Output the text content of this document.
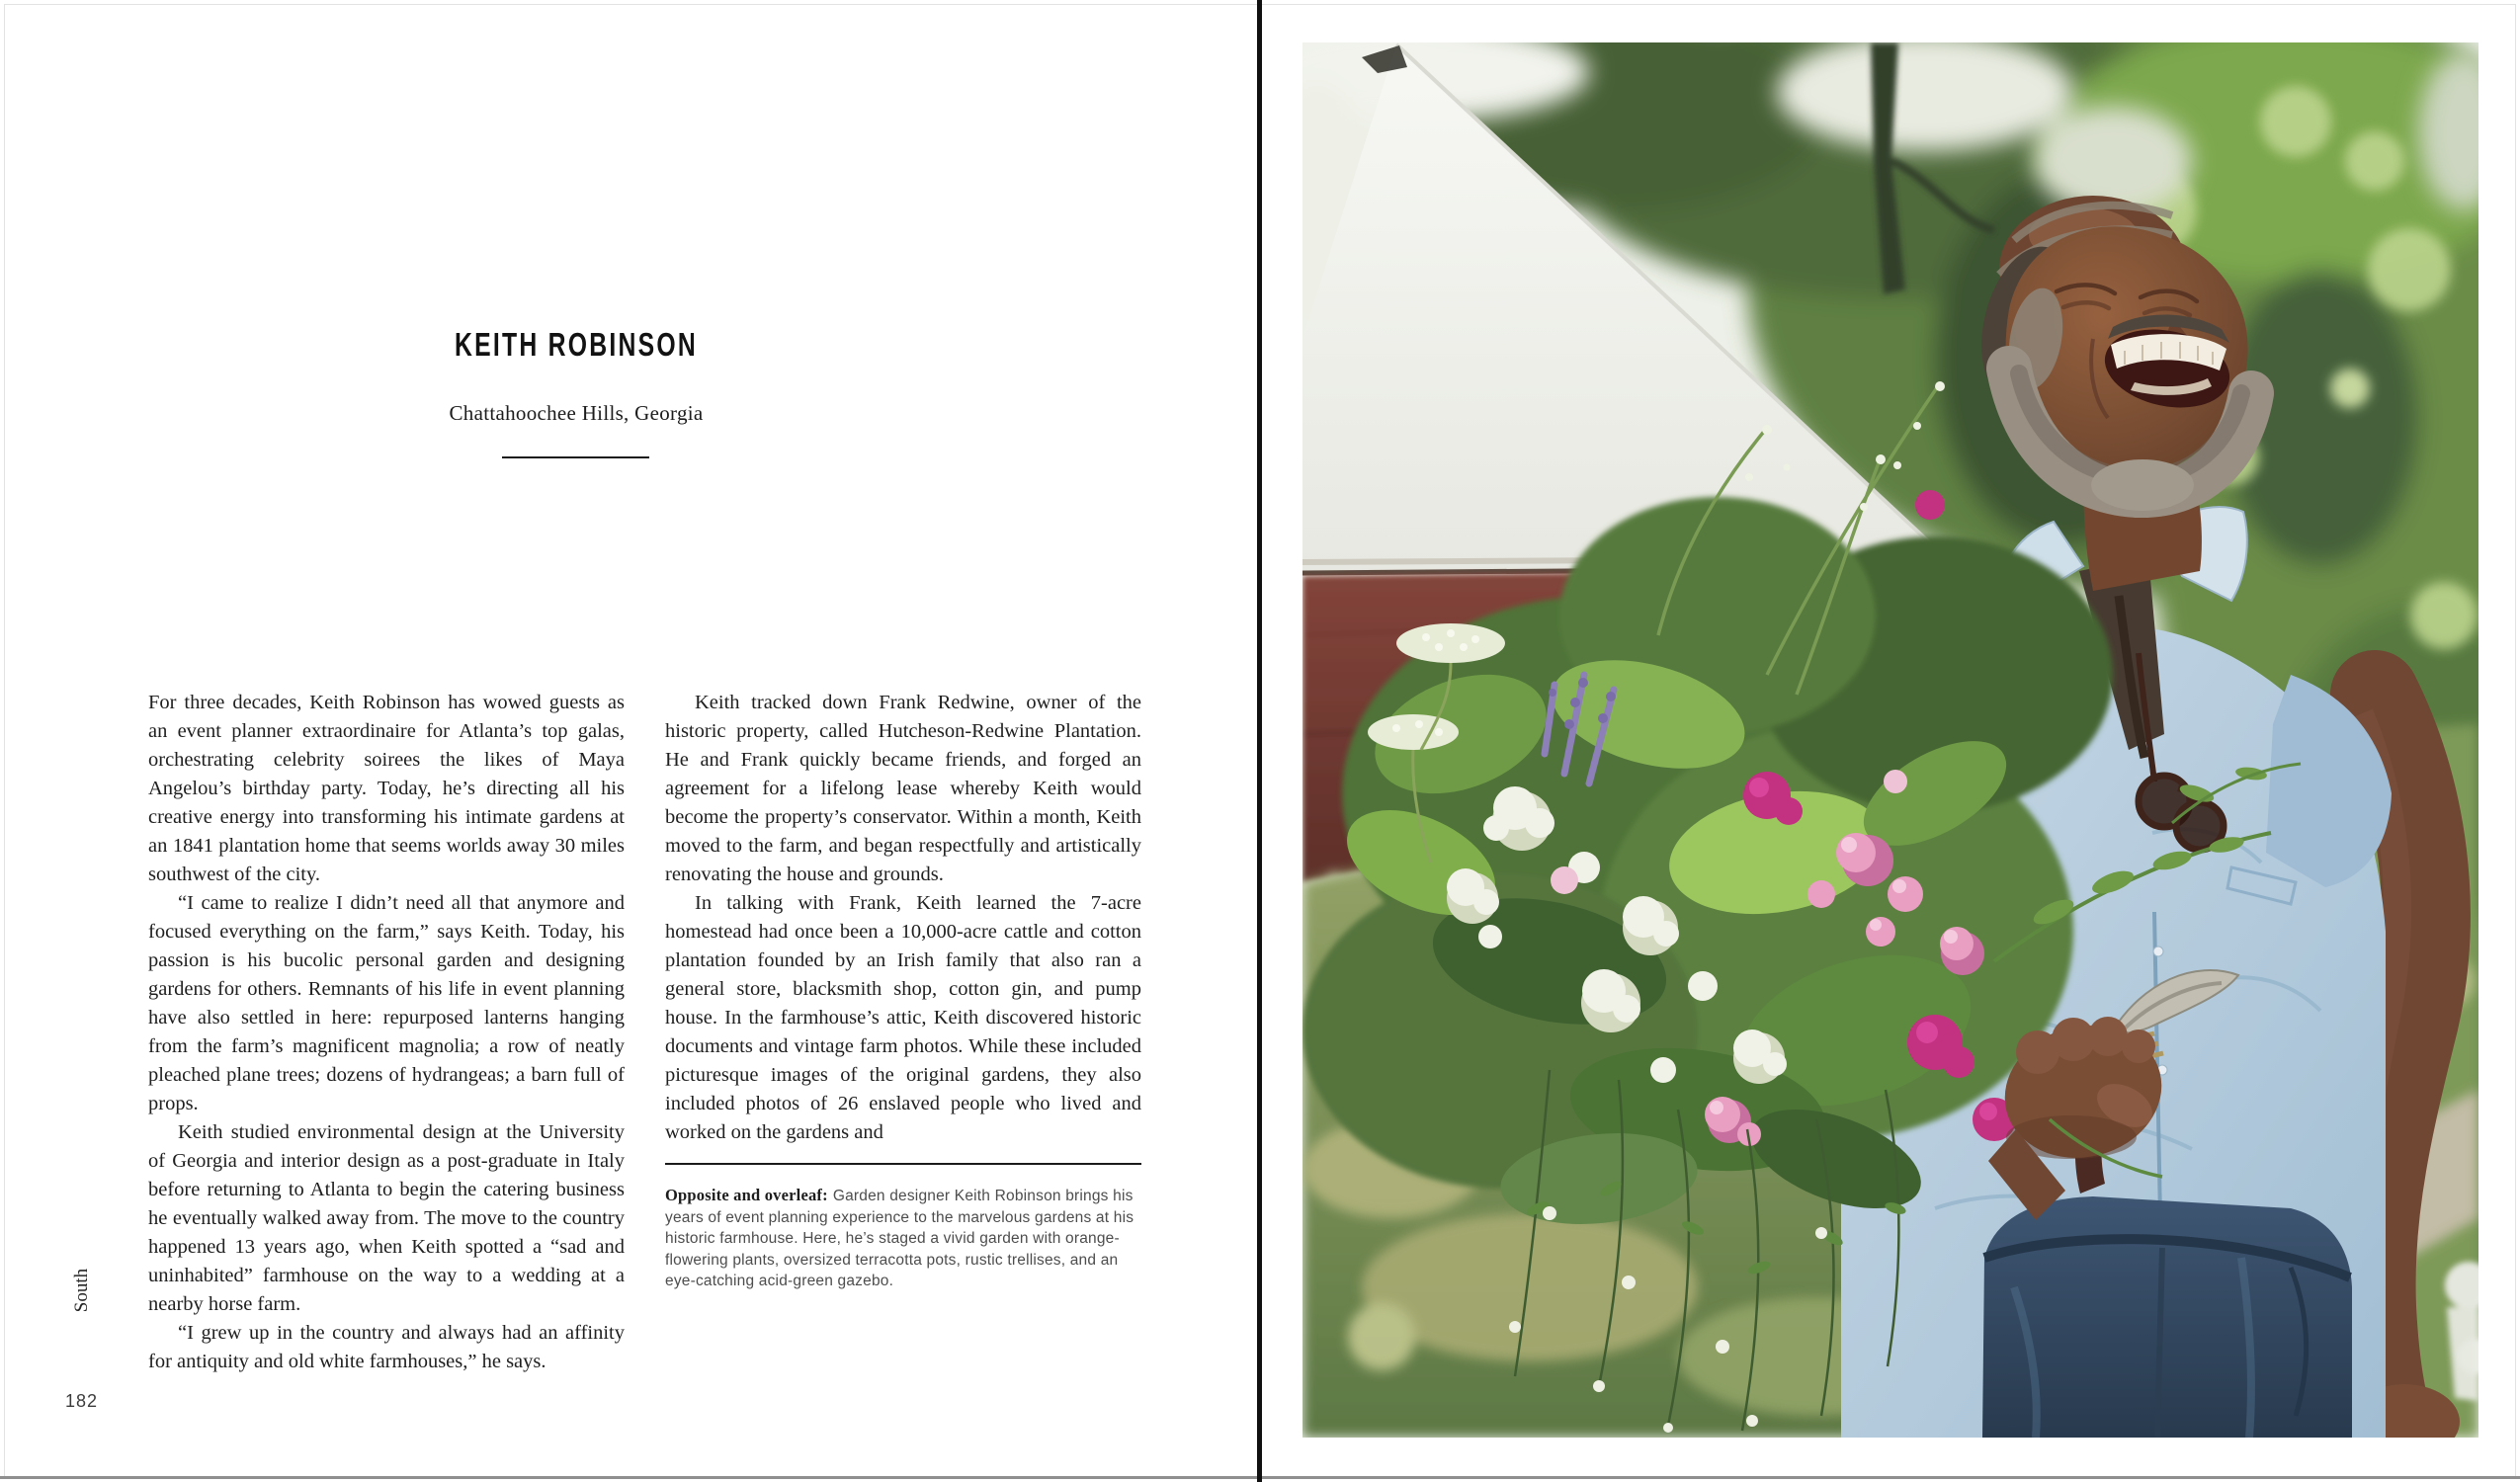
KEITH ROBINSON
Chattahoochee Hills, Georgia

For three decades, Keith Robinson has wowed guests as an event planner extraordinaire for Atlanta’s top galas, orchestrating celebrity soirees the likes of Maya Angelou’s birthday party. Today, he’s directing all his creative energy into transforming his intimate gardens at an 1841 plantation home that seems worlds away 30 miles southwest of the city.

“I came to realize I didn’t need all that anymore and focused everything on the farm,” says Keith. Today, his passion is his bucolic personal garden and designing gardens for others. Remnants of his life in event planning have also settled in here: repurposed lanterns hanging from the farm’s magnificent magnolia; a row of neatly pleached plane trees; dozens of hydrangeas; a barn full of props.

Keith studied environmental design at the University of Georgia and interior design as a post-graduate in Italy before returning to Atlanta to begin the catering business he eventually walked away from. The move to the country happened 13 years ago, when Keith spotted a “sad and uninhabited” farmhouse on the way to a wedding at a nearby horse farm.

“I grew up in the country and always had an affinity for antiquity and old white farmhouses,” he says.

Keith tracked down Frank Redwine, owner of the historic property, called Hutcheson-Redwine Plantation. He and Frank quickly became friends, and forged an agreement for a lifelong lease whereby Keith would become the property’s conservator. Within a month, Keith moved to the farm, and began respectfully and artistically renovating the house and grounds.

In talking with Frank, Keith learned the 7-acre homestead had once been a 10,000-acre cattle and cotton plantation founded by an Irish family that also ran a general store, blacksmith shop, cotton gin, and pump house. In the farmhouse’s attic, Keith discovered historic documents and vintage farm photos. While these included picturesque images of the original gardens, they also included photos of 26 enslaved people who lived and worked on the gardens and

Opposite and overleaf: Garden designer Keith Robinson brings his years of event planning experience to the marvelous gardens at his historic farmhouse. Here, he’s staged a vivid garden with orange-flowering plants, oversized terracotta pots, rustic trellises, and an eye-catching acid-green gazebo.
South
182
